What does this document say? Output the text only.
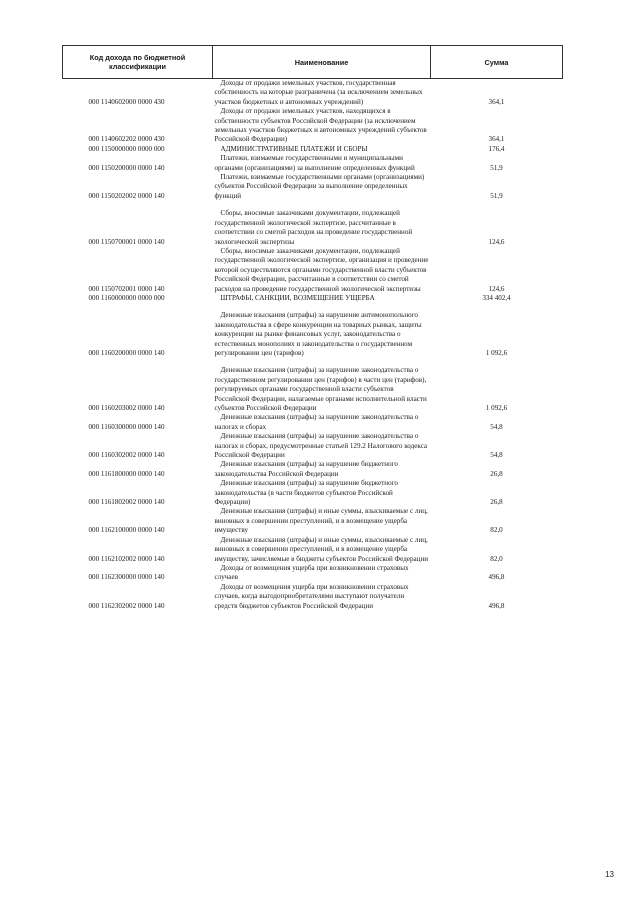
Код дохода по бюджетной классификации	Наименование	Сумма
000 1140602000 0000 430	Доходы от продажи земельных участков, государственная собственность на которые разграничена (за исключением земельных участков бюджетных и автономных учреждений)	364,1
000 1140602202 0000 430	Доходы от продажи земельных участков, находящихся в собственности субъектов Российской Федерации (за исключением земельных участков бюджетных и автономных учреждений субъектов Российской Федерации)	364,1
000 1150000000 0000 000	АДМИНИСТРАТИВНЫЕ ПЛАТЕЖИ И СБОРЫ	176,4
000 1150200000 0000 140	Платежи, взимаемые государственными и муниципальными органами (организациями) за выполнение определенных функций	51,9
000 1150202002 0000 140	Платежи, взимаемые государственными органами (организациями) субъектов Российской Федерации за выполнение определенных функций	51,9
000 1150700001 0000 140	Сборы, вносимые заказчиками документации, подлежащей государственной экологической экспертизе, рассчитанные в соответствии со сметой расходов на проведение государственной экологической экспертизы	124,6
000 1150702001 0000 140	Сборы, вносимые заказчиками документации, подлежащей государственной экологической экспертизе, организация и проведение которой осуществляются органами государственной власти субъектов Российской Федерации, рассчитанные в соответствии со сметой расходов на проведение государственной экологической экспертизы	124,6
000 1160000000 0000 000	ШТРАФЫ, САНКЦИИ, ВОЗМЕЩЕНИЕ УЩЕРБА	334 402,4
000 1160200000 0000 140	Денежные взыскания (штрафы) за нарушение антимонопольного законодательства в сфере конкуренции на товарных рынках, защиты конкуренции на рынке финансовых услуг, законодательства о естественных монополиях и законодательства о государственном регулировании цен (тарифов)	1 092,6
000 1160203002 0000 140	Денежные взыскания (штрафы) за нарушение законодательства о государственном регулировании цен (тарифов) в части цен (тарифов), регулируемых органами государственной власти субъектов Российской Федерации, налагаемые органами исполнительной власти субъектов Российской Федерации	1 092,6
000 1160300000 0000 140	Денежные взыскания (штрафы) за нарушение законодательства о налогах и сборах	54,8
000 1160302002 0000 140	Денежные взыскания (штрафы) за нарушение законодательства о налогах и сборах, предусмотренные статьей 129.2 Налогового кодекса Российской Федерации	54,8
000 1161800000 0000 140	Денежные взыскания (штрафы) за нарушение бюджетного законодательства Российской Федерации	26,8
000 1161802002 0000 140	Денежные взыскания (штрафы) за нарушение бюджетного законодательства (в части бюджетов субъектов Российской Федерации)	26,8
000 1162100000 0000 140	Денежные взыскания (штрафы) и иные суммы, взыскиваемые с лиц, виновных в совершении преступлений, и в возмещение ущерба имуществу	82,0
000 1162102002 0000 140	Денежные взыскания (штрафы) и иные суммы, взыскиваемые с лиц, виновных в совершении преступлений, и в возмещение ущерба имуществу, зачисляемые в бюджеты субъектов Российской Федерации	82,0
000 1162300000 0000 140	Доходы от возмещения ущерба при возникновении страховых случаев	496,8
000 1162302002 0000 140	Доходы от возмещения ущерба при возникновении страховых случаев, когда выгодоприобретателями выступают получатели средств бюджетов субъектов Российской Федерации	496,8
13
